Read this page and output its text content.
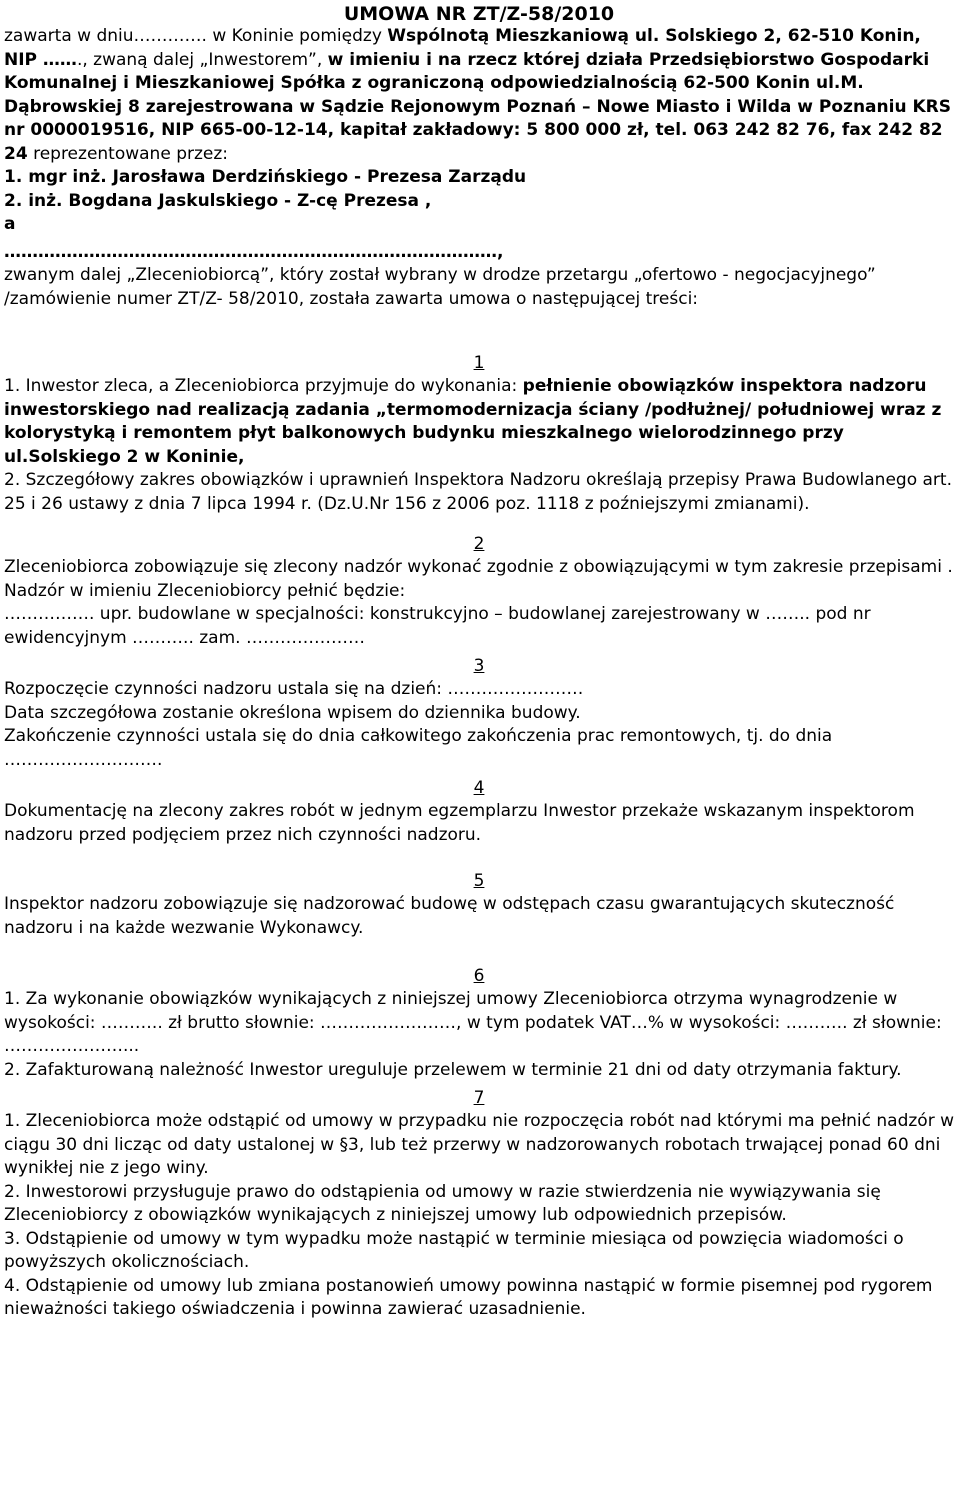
UMOWA NR ZT/Z-58/2010

zawarta w dniu…………. w Koninie pomiędzy Wspólnotą Mieszkaniową ul. Solskiego 2, 62-510 Konin, NIP ……., zwaną dalej „Inwestorem”, w imieniu i na rzecz której działa Przedsiębiorstwo Gospodarki Komunalnej i Mieszkaniowej Spółka z ograniczoną odpowiedzialnością 62-500 Konin ul.M. Dąbrowskiej 8 zarejestrowana w Sądzie Rejonowym Poznań – Nowe Miasto i Wilda w Poznaniu KRS nr 0000019516, NIP 665-00-12-14, kapitał zakładowy: 5 800 000 zł, tel. 063 242 82 76, fax 242 82 24 reprezentowane przez:

1. mgr inż. Jarosława Derdzińskiego - Prezesa Zarządu

2. inż. Bogdana Jaskulskiego - Z-cę Prezesa ,

a

……………………………………………………………………………,

zwanym dalej „Zleceniobiorcą”, który został wybrany w drodze przetargu „ofertowo - negocjacyjnego” /zamówienie numer ZT/Z- 58/2010, została zawarta umowa o następującej treści:

1

1. Inwestor zleca, a Zleceniobiorca przyjmuje do wykonania: pełnienie obowiązków inspektora nadzoru inwestorskiego nad realizacją zadania „termomodernizacja ściany /podłużnej/ południowej wraz z kolorystyką i remontem płyt balkonowych budynku mieszkalnego wielorodzinnego przy ul.Solskiego 2 w Koninie,

2. Szczegółowy zakres obowiązków i uprawnień Inspektora Nadzoru określają przepisy Prawa Budowlanego art. 25 i 26 ustawy z dnia 7 lipca 1994 r. (Dz.U.Nr 156 z 2006 poz. 1118 z poźniejszymi zmianami).

2

Zleceniobiorca zobowiązuje się zlecony nadzór wykonać zgodnie z obowiązującymi w tym zakresie przepisami .

Nadzór w imieniu Zleceniobiorcy pełnić będzie:

……………. upr. budowlane w specjalności: konstrukcyjno – budowlanej zarejestrowany w …….. pod nr ewidencyjnym ……….. zam. …………………

3

Rozpoczęcie czynności nadzoru ustala się na dzień: ……………………

Data szczegółowa zostanie określona wpisem do dziennika budowy.

Zakończenie czynności ustala się do dnia całkowitego zakończenia prac remontowych, tj. do dnia ……………………….

4

Dokumentację na zlecony zakres robót w jednym egzemplarzu Inwestor przekaże wskazanym inspektorom nadzoru przed podjęciem przez nich czynności nadzoru.

5

Inspektor nadzoru zobowiązuje się nadzorować budowę w odstępach czasu gwarantujących skuteczność nadzoru i na każde wezwanie Wykonawcy.

6

1. Za wykonanie obowiązków wynikających z niniejszej umowy Zleceniobiorca otrzyma wynagrodzenie w wysokości: ……….. zł brutto słownie: ……………………, w tym podatek VAT…% w wysokości: ……….. zł słownie: …………………...

2. Zafakturowaną należność Inwestor ureguluje przelewem w terminie 21 dni od daty otrzymania faktury.

7

1. Zleceniobiorca może odstąpić od umowy w przypadku nie rozpoczęcia robót nad którymi ma pełnić nadzór w ciągu 30 dni licząc od daty ustalonej w §3, lub też przerwy w nadzorowanych robotach trwającej ponad 60 dni wynikłej nie z jego winy.

2. Inwestorowi przysługuje prawo do odstąpienia od umowy w razie stwierdzenia nie wywiązywania się Zleceniobiorcy z obowiązków wynikających z niniejszej umowy lub odpowiednich przepisów.

3. Odstąpienie od umowy w tym wypadku może nastąpić w terminie miesiąca od powzięcia wiadomości o powyższych okolicznościach.

4. Odstąpienie od umowy lub zmiana postanowień umowy powinna nastąpić w formie pisemnej pod rygorem nieważności takiego oświadczenia i powinna zawierać uzasadnienie.
